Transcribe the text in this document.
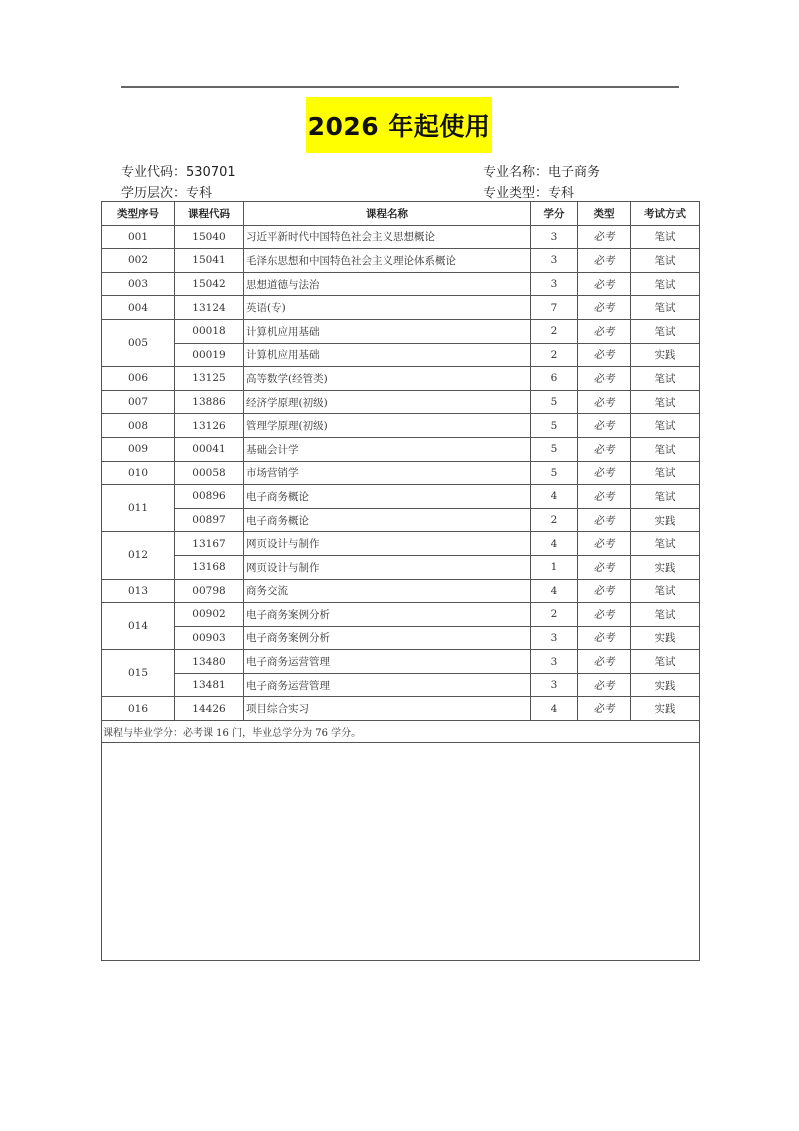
2026 年起使用
专业代码：530701
学历层次：专科
专业名称：电子商务
专业类型：专科
类型序号	课程代码	课程名称	学分	类型	考试方式
001	15040	习近平新时代中国特色社会主义思想概论	3	必考	笔试
002	15041	毛泽东思想和中国特色社会主义理论体系概论	3	必考	笔试
003	15042	思想道德与法治	3	必考	笔试
004	13124	英语(专)	7	必考	笔试
005	00018	计算机应用基础	2	必考	笔试
	00019	计算机应用基础	2	必考	实践
006	13125	高等数学(经管类)	6	必考	笔试
007	13886	经济学原理(初级)	5	必考	笔试
008	13126	管理学原理(初级)	5	必考	笔试
009	00041	基础会计学	5	必考	笔试
010	00058	市场营销学	5	必考	笔试
011	00896	电子商务概论	4	必考	笔试
	00897	电子商务概论	2	必考	实践
012	13167	网页设计与制作	4	必考	笔试
	13168	网页设计与制作	1	必考	实践
013	00798	商务交流	4	必考	笔试
014	00902	电子商务案例分析	2	必考	笔试
	00903	电子商务案例分析	3	必考	实践
015	13480	电子商务运营管理	3	必考	笔试
	13481	电子商务运营管理	3	必考	实践
016	14426	项目综合实习	4	必考	实践
课程与毕业学分：必考课 16 门，毕业总学分为 76 学分。					
